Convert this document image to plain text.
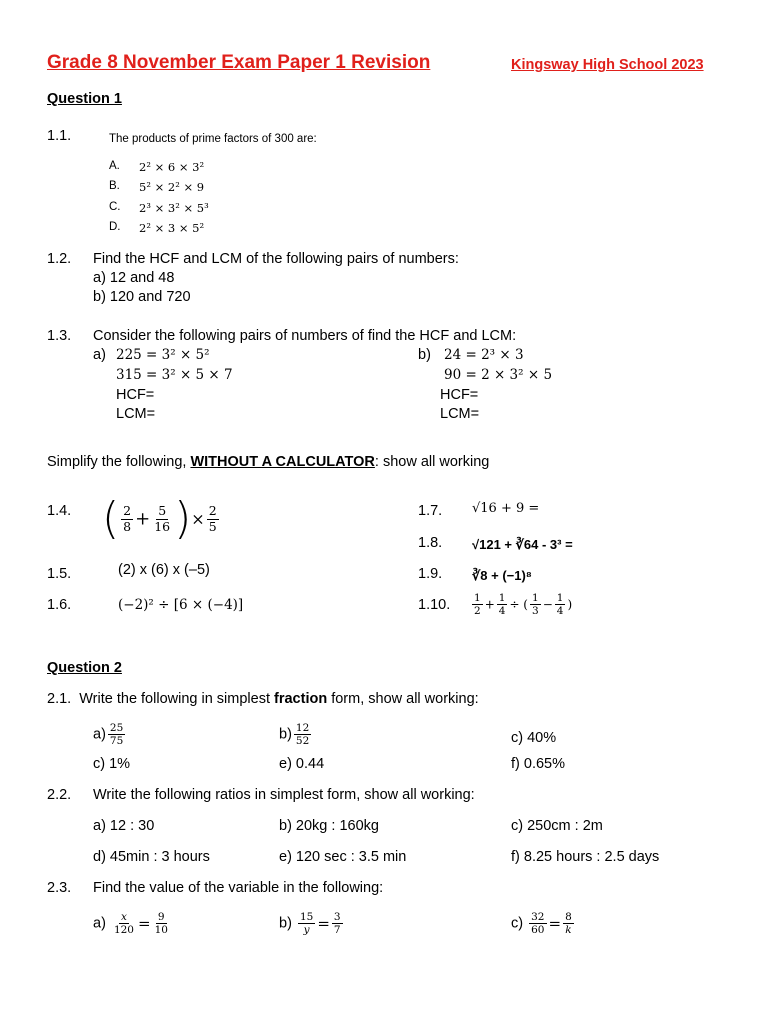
Grade 8 November Exam Paper 1 Revision	Kingsway High School 2023
Question 1
1.1.	The products of prime factors of 300 are:
A. 2² × 6 × 3²
B. 5² × 2² × 9
C. 2³ × 3² × 5³
D. 2² × 3 × 5²
1.2. Find the HCF and LCM of the following pairs of numbers:
a) 12 and 48
b) 120 and 720
1.3. Consider the following pairs of numbers of find the HCF and LCM:
a) 225 = 3² × 5²
315 = 3² × 5 × 7
HCF=
LCM=
b) 24 = 2³ × 3
90 = 2 × 3² × 5
HCF=
LCM=
Simplify the following, WITHOUT A CALCULATOR: show all working
1.4. ( $\frac{2}{8} + \frac{5}{16}$ )× $\frac{2}{5}$
1.5.	(2) x (6) x (–5)
1.6.	(−2)² ÷ [6 × (−4)]
1.7. √16 + 9 =
1.8. √121 + ∛64 - 3³ =
1.9. ∛8 + (−1)⁸
1.10. $\frac{1}{2} + \frac{1}{4}$ ÷ ( $\frac{1}{3} - \frac{1}{4}$ )
Question 2
2.1. Write the following in simplest fraction form, show all working:
$a) \frac{25}{75}$	$b) \frac{12}{52}$	c) 40%
c) 1%	e) 0.44	f) 0.65%
2.2. Write the following ratios in simplest form, show all working:
a) 12 : 30	b) 20kg : 160kg	c) 250cm : 2m
d) 45min : 3 hours	e) 120 sec : 3.5 min	f) 8.25 hours : 2.5 days
2.3. Find the value of the variable in the following:
$a) \frac{x}{120} = \frac{9}{10}$	$b) \frac{15}{y} = \frac{3}{7}$	$c) \frac{32}{60} = \frac{8}{k}$
